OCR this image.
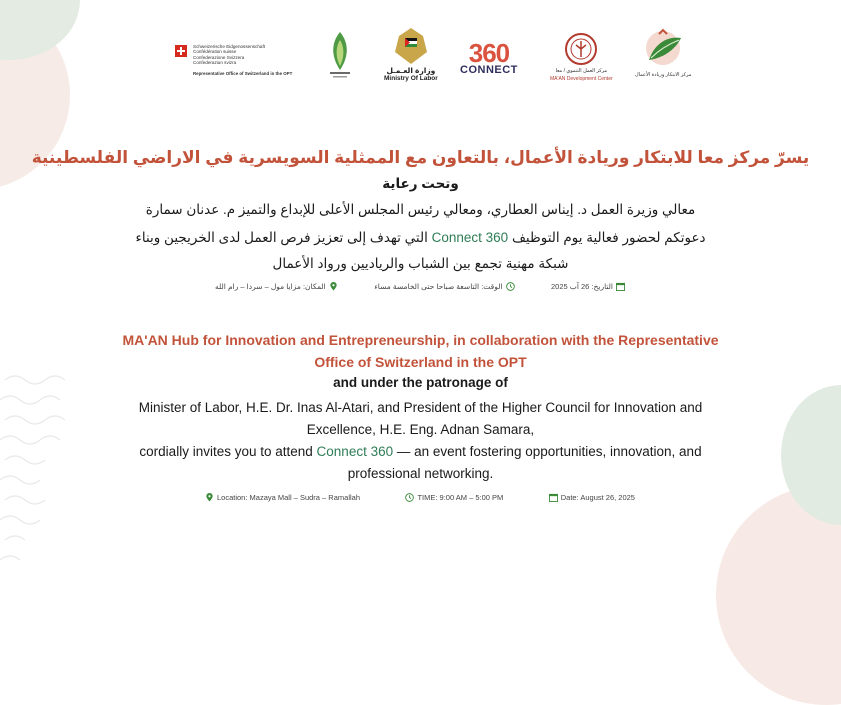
Schweizerische Eidgenossenschaft
Confédération suisse
Confederazione Svizzera
Confederaziun svizra
Representative Office of Switzerland in the OPT	وزارة العـمـل
Ministry Of Labor
360
CONNECT	مركز العمل التنموي / معا
MA'AN Development Center
مركز الابتكار وريادة الأعمال
يسرّ مركز معا للابتكار وريادة الأعمال، بالتعاون مع الممثلية السويسرية في الاراضي الفلسطينية
وتحت رعاية
معالي وزيرة العمل د. إيناس العطاري، ومعالي رئيس المجلس الأعلى للإبداع والتميز م. عدنان سمارة
دعوتكم لحضور فعالية يوم التوظيف Connect 360 التي تهدف إلى تعزيز فرص العمل لدى الخريجين وبناء
شبكة مهنية تجمع بين الشباب والرياديين ورواد الأعمال
التاريخ: 26 آب 2025
الوقت: التاسعة صباحا حتى الخامسة مساء
المكان: مزايا مول – سردا – رام الله
MA'AN Hub for Innovation and Entrepreneurship, in collaboration with the Representative
Office of Switzerland in the OPT
and under the patronage of

Minister of Labor, H.E. Dr. Inas Al-Atari, and President of the Higher Council for Innovation and

Excellence, H.E. Eng. Adnan Samara,

cordially invites you to attend Connect 360 — an event fostering opportunities, innovation, and

professional networking.

Location: Mazaya Mall – Sudra – Ramallah	TIME: 9:00 AM – 5:00 PM	Date: August 26, 2025
